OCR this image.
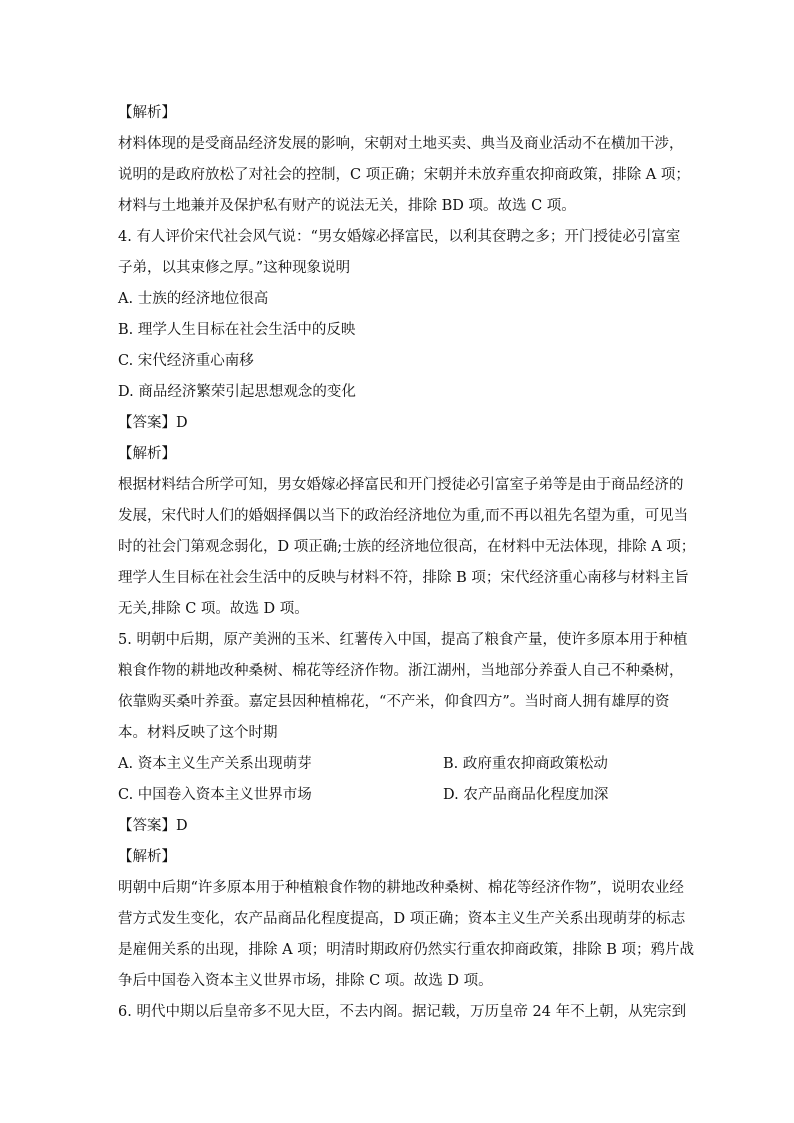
【解析】
材料体现的是受商品经济发展的影响，宋朝对土地买卖、典当及商业活动不在横加干涉，
说明的是政府放松了对社会的控制，C 项正确；宋朝并未放弃重农抑商政策，排除 A 项；
材料与土地兼并及保护私有财产的说法无关，排除 BD 项。故选 C 项。
4. 有人评价宋代社会风气说：“男女婚嫁必择富民，以利其奁聘之多；开门授徒必引富室
子弟，以其束修之厚。”这种现象说明
A. 士族的经济地位很高
B. 理学人生目标在社会生活中的反映
C. 宋代经济重心南移
D. 商品经济繁荣引起思想观念的变化
【答案】D
【解析】
根据材料结合所学可知，男女婚嫁必择富民和开门授徒必引富室子弟等是由于商品经济的
发展，宋代时人们的婚姻择偶以当下的政治经济地位为重,而不再以祖先名望为重，可见当
时的社会门第观念弱化，D 项正确;士族的经济地位很高，在材料中无法体现，排除 A 项；
理学人生目标在社会生活中的反映与材料不符，排除 B 项；宋代经济重心南移与材料主旨
无关,排除 C 项。故选 D 项。
5. 明朝中后期，原产美洲的玉米、红薯传入中国，提高了粮食产量，使许多原本用于种植
粮食作物的耕地改种桑树、棉花等经济作物。浙江湖州，当地部分养蚕人自己不种桑树，
依靠购买桑叶养蚕。嘉定县因种植棉花，“不产米，仰食四方”。当时商人拥有雄厚的资
本。材料反映了这个时期
A. 资本主义生产关系出现萌芽	B. 政府重农抑商政策松动
C. 中国卷入资本主义世界市场	D. 农产品商品化程度加深
【答案】D
【解析】
明朝中后期“许多原本用于种植粮食作物的耕地改种桑树、棉花等经济作物”，说明农业经
营方式发生变化，农产品商品化程度提高，D 项正确；资本主义生产关系出现萌芽的标志
是雇佣关系的出现，排除 A 项；明清时期政府仍然实行重农抑商政策，排除 B 项；鸦片战
争后中国卷入资本主义世界市场，排除 C 项。故选 D 项。
6. 明代中期以后皇帝多不见大臣，不去内阁。据记载，万历皇帝 24 年不上朝，从宪宗到
